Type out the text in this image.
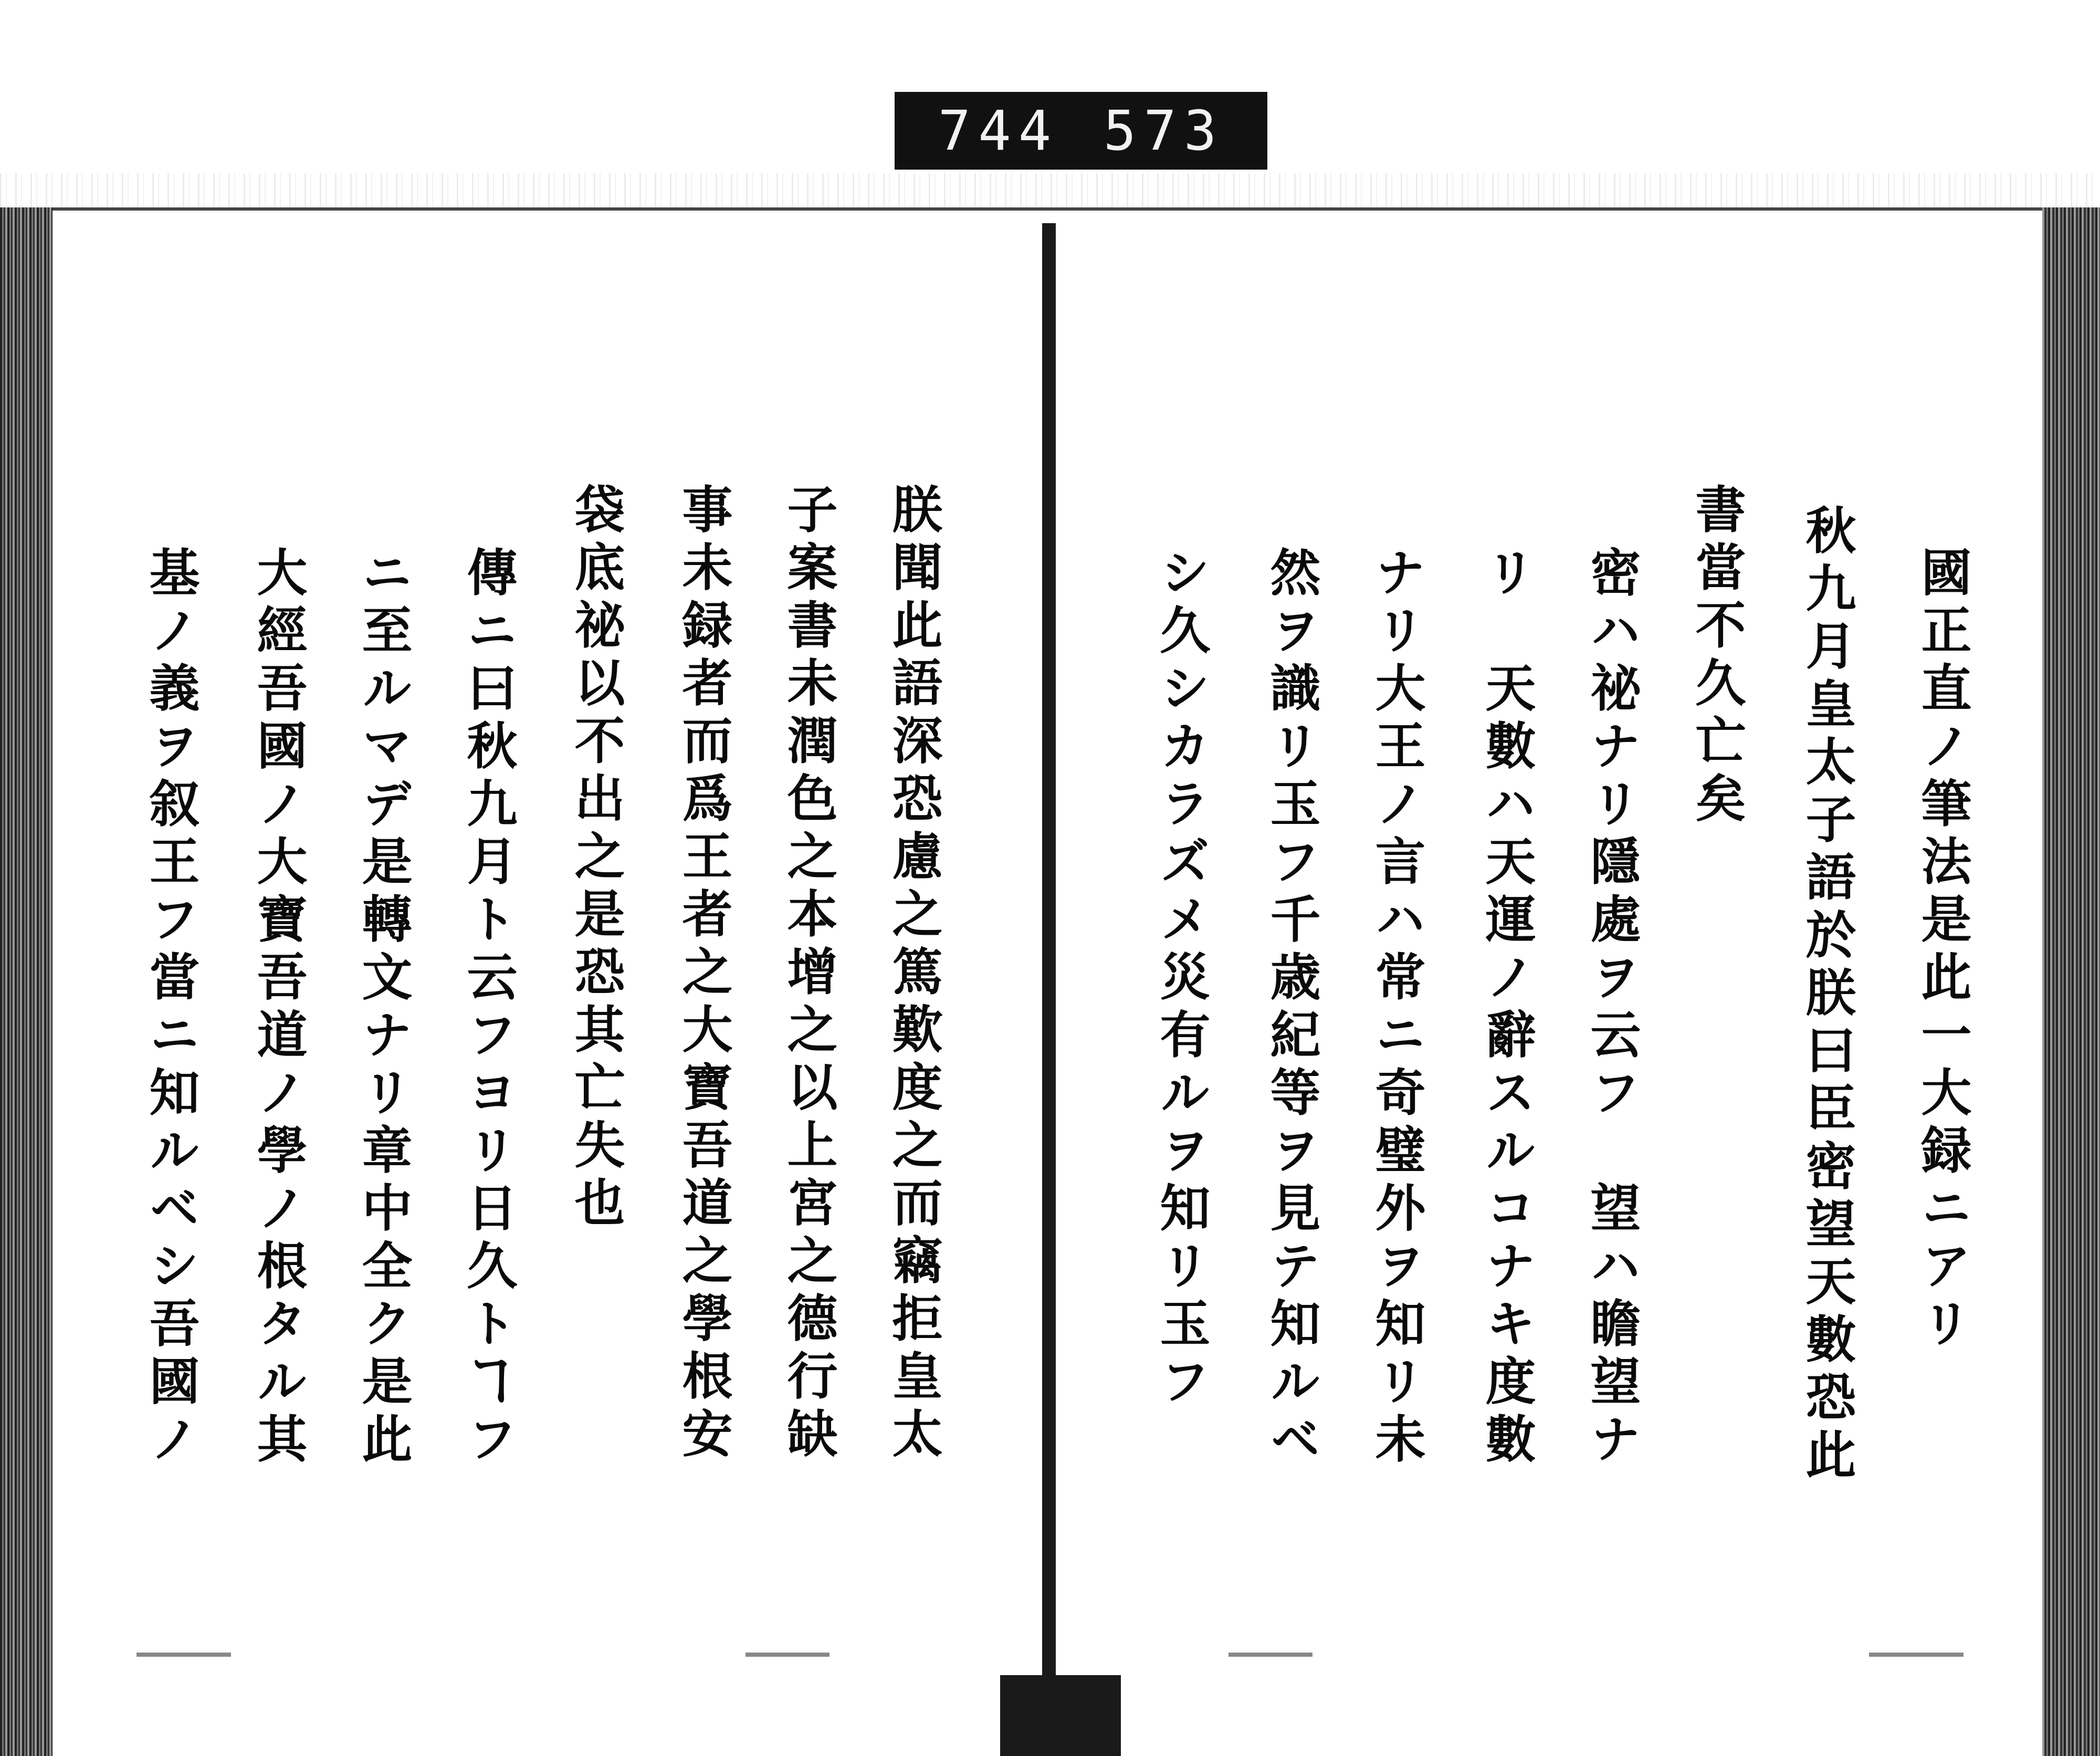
744 573
國正直ノ筆法是此一大録ニアリ
秋九月皇太子語於朕曰臣密望天數恐此
書當不久亡矣
密ハ祕ナリ隱處ヲ云フ　望ハ瞻望ナ
リ　天數ハ天運ノ辭スルコナキ度數
ナリ大王ノ言ハ常ニ奇璧外ヲ知リ未
然ヲ識リ玉フ千歳紀等ヲ見テ知ルベ
シ久シカラズメ災有ルヲ知リ玉フ
朕聞此語深恐慮之篤歎度之而竊拒皇太
子案書未潤色之本增之以上宮之德行缺
事未録者而爲王者之大寶吾道之學根安
袋底祕以不出之是恐其亡失也
傳ニ曰秋九月ト云フヨリ日久トヿフ
ニ至ルマデ是轉文ナリ章中全ク是此
大經吾國ノ大寶吾道ノ學ノ根タル其
基ノ義ヲ叙王フ當ニ知ルベシ吾國ノ
